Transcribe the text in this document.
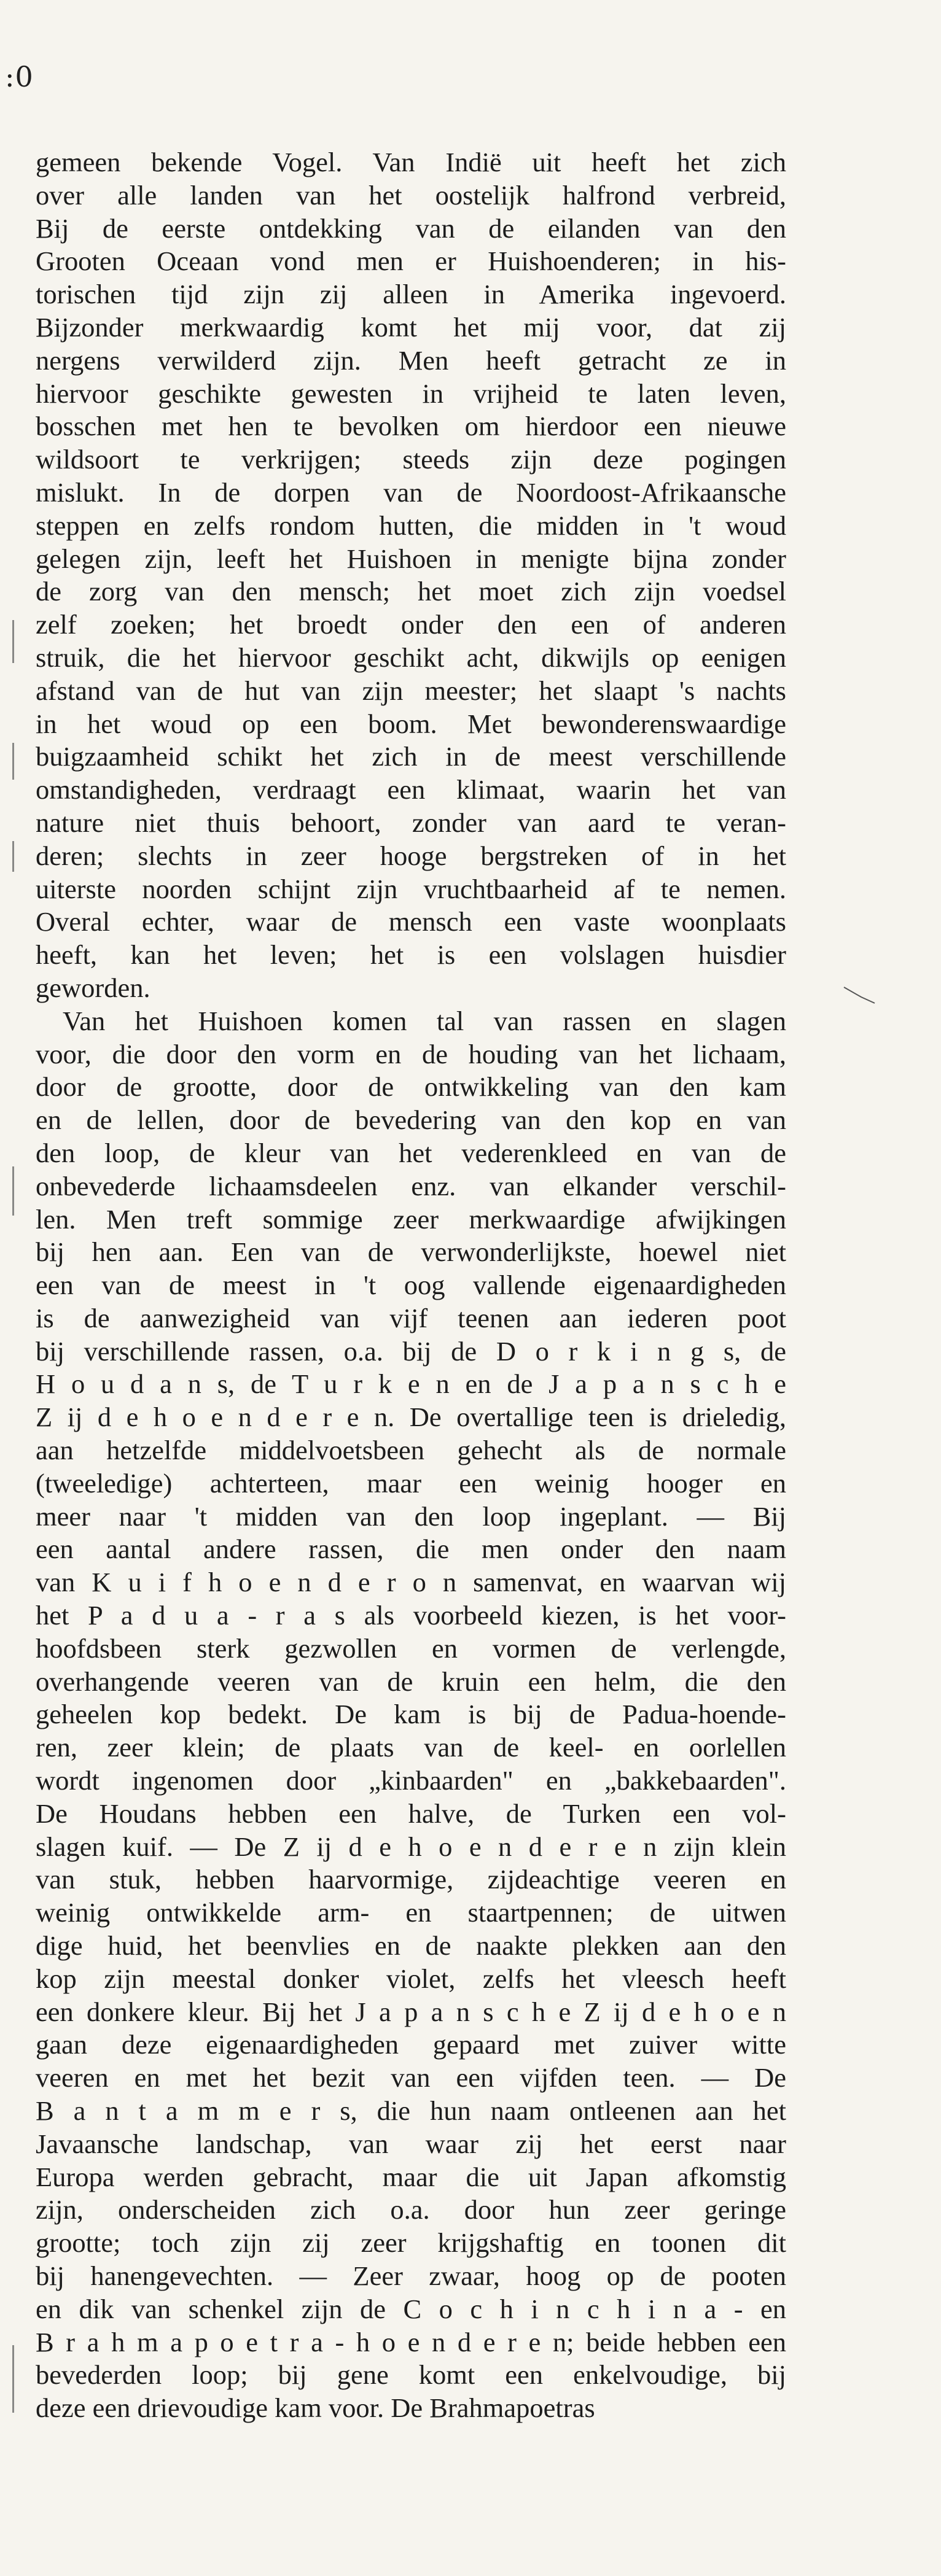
:0
gemeen bekende Vogel. Van Indië uit heeft het zich
over alle landen van het oostelijk halfrond verbreid,
Bij de eerste ontdekking van de eilanden van den
Grooten Oceaan vond men er Huishoenderen; in his-
torischen tijd zijn zij alleen in Amerika ingevoerd.
Bijzonder merkwaardig komt het mij voor, dat zij
nergens verwilderd zijn. Men heeft getracht ze in
hiervoor geschikte gewesten in vrijheid te laten leven,
bosschen met hen te bevolken om hierdoor een nieuwe
wildsoort te verkrijgen; steeds zijn deze pogingen
mislukt. In de dorpen van de Noordoost-Afrikaansche
steppen en zelfs rondom hutten, die midden in 't woud
gelegen zijn, leeft het Huishoen in menigte bijna zonder
de zorg van den mensch; het moet zich zijn voedsel
zelf zoeken; het broedt onder den een of anderen
struik, die het hiervoor geschikt acht, dikwijls op eenigen
afstand van de hut van zijn meester; het slaapt 's nachts
in het woud op een boom. Met bewonderenswaardige
buigzaamheid schikt het zich in de meest verschillende
omstandigheden, verdraagt een klimaat, waarin het van
nature niet thuis behoort, zonder van aard te veran-
deren; slechts in zeer hooge bergstreken of in het
uiterste noorden schijnt zijn vruchtbaarheid af te nemen.
Overal echter, waar de mensch een vaste woonplaats
heeft, kan het leven; het is een volslagen huisdier
geworden.
Van het Huishoen komen tal van rassen en slagen
voor, die door den vorm en de houding van het lichaam,
door de grootte, door de ontwikkeling van den kam
en de lellen, door de bevedering van den kop en van
den loop, de kleur van het vederenkleed en van de
onbevederde lichaamsdeelen enz. van elkander verschil-
len. Men treft sommige zeer merkwaardige afwijkingen
bij hen aan. Een van de verwonderlijkste, hoewel niet
een van de meest in 't oog vallende eigenaardigheden
is de aanwezigheid van vijf teenen aan iederen poot
bij verschillende rassen, o.a. bij de D o r k i n g s, de
H o u d a n s, de T u r k e n en de J a p a n s c h e
Z ij d e h o e n d e r e n. De overtallige teen is drieledig,
aan hetzelfde middelvoetsbeen gehecht als de normale
(tweeledige) achterteen, maar een weinig hooger en
meer naar 't midden van den loop ingeplant. — Bij
een aantal andere rassen, die men onder den naam
van K u i f h o e n d e r o n samenvat, en waarvan wij
het P a d u a - r a s als voorbeeld kiezen, is het voor-
hoofdsbeen sterk gezwollen en vormen de verlengde,
overhangende veeren van de kruin een helm, die den
geheelen kop bedekt. De kam is bij de Padua-hoende-
ren, zeer klein; de plaats van de keel- en oorlellen
wordt ingenomen door „kinbaarden" en „bakkebaarden".
De Houdans hebben een halve, de Turken een vol-
slagen kuif. — De Z ij d e h o e n d e r e n zijn klein
van stuk, hebben haarvormige, zijdeachtige veeren en
weinig ontwikkelde arm- en staartpennen; de uitwen
dige huid, het beenvlies en de naakte plekken aan den
kop zijn meestal donker violet, zelfs het vleesch heeft
een donkere kleur. Bij het J a p a n s c h e Z ij d e h o e n
gaan deze eigenaardigheden gepaard met zuiver witte
veeren en met het bezit van een vijfden teen. — De
B a n t a m m e r s, die hun naam ontleenen aan het
Javaansche landschap, van waar zij het eerst naar
Europa werden gebracht, maar die uit Japan afkomstig
zijn, onderscheiden zich o.a. door hun zeer geringe
grootte; toch zijn zij zeer krijgshaftig en toonen dit
bij hanengevechten. — Zeer zwaar, hoog op de pooten
en dik van schenkel zijn de C o c h i n c h i n a - en
B r a h m a p o e t r a - h o e n d e r e n; beide hebben een
bevederden loop; bij gene komt een enkelvoudige, bij
deze een drievoudige kam voor. De Brahmapoetras
